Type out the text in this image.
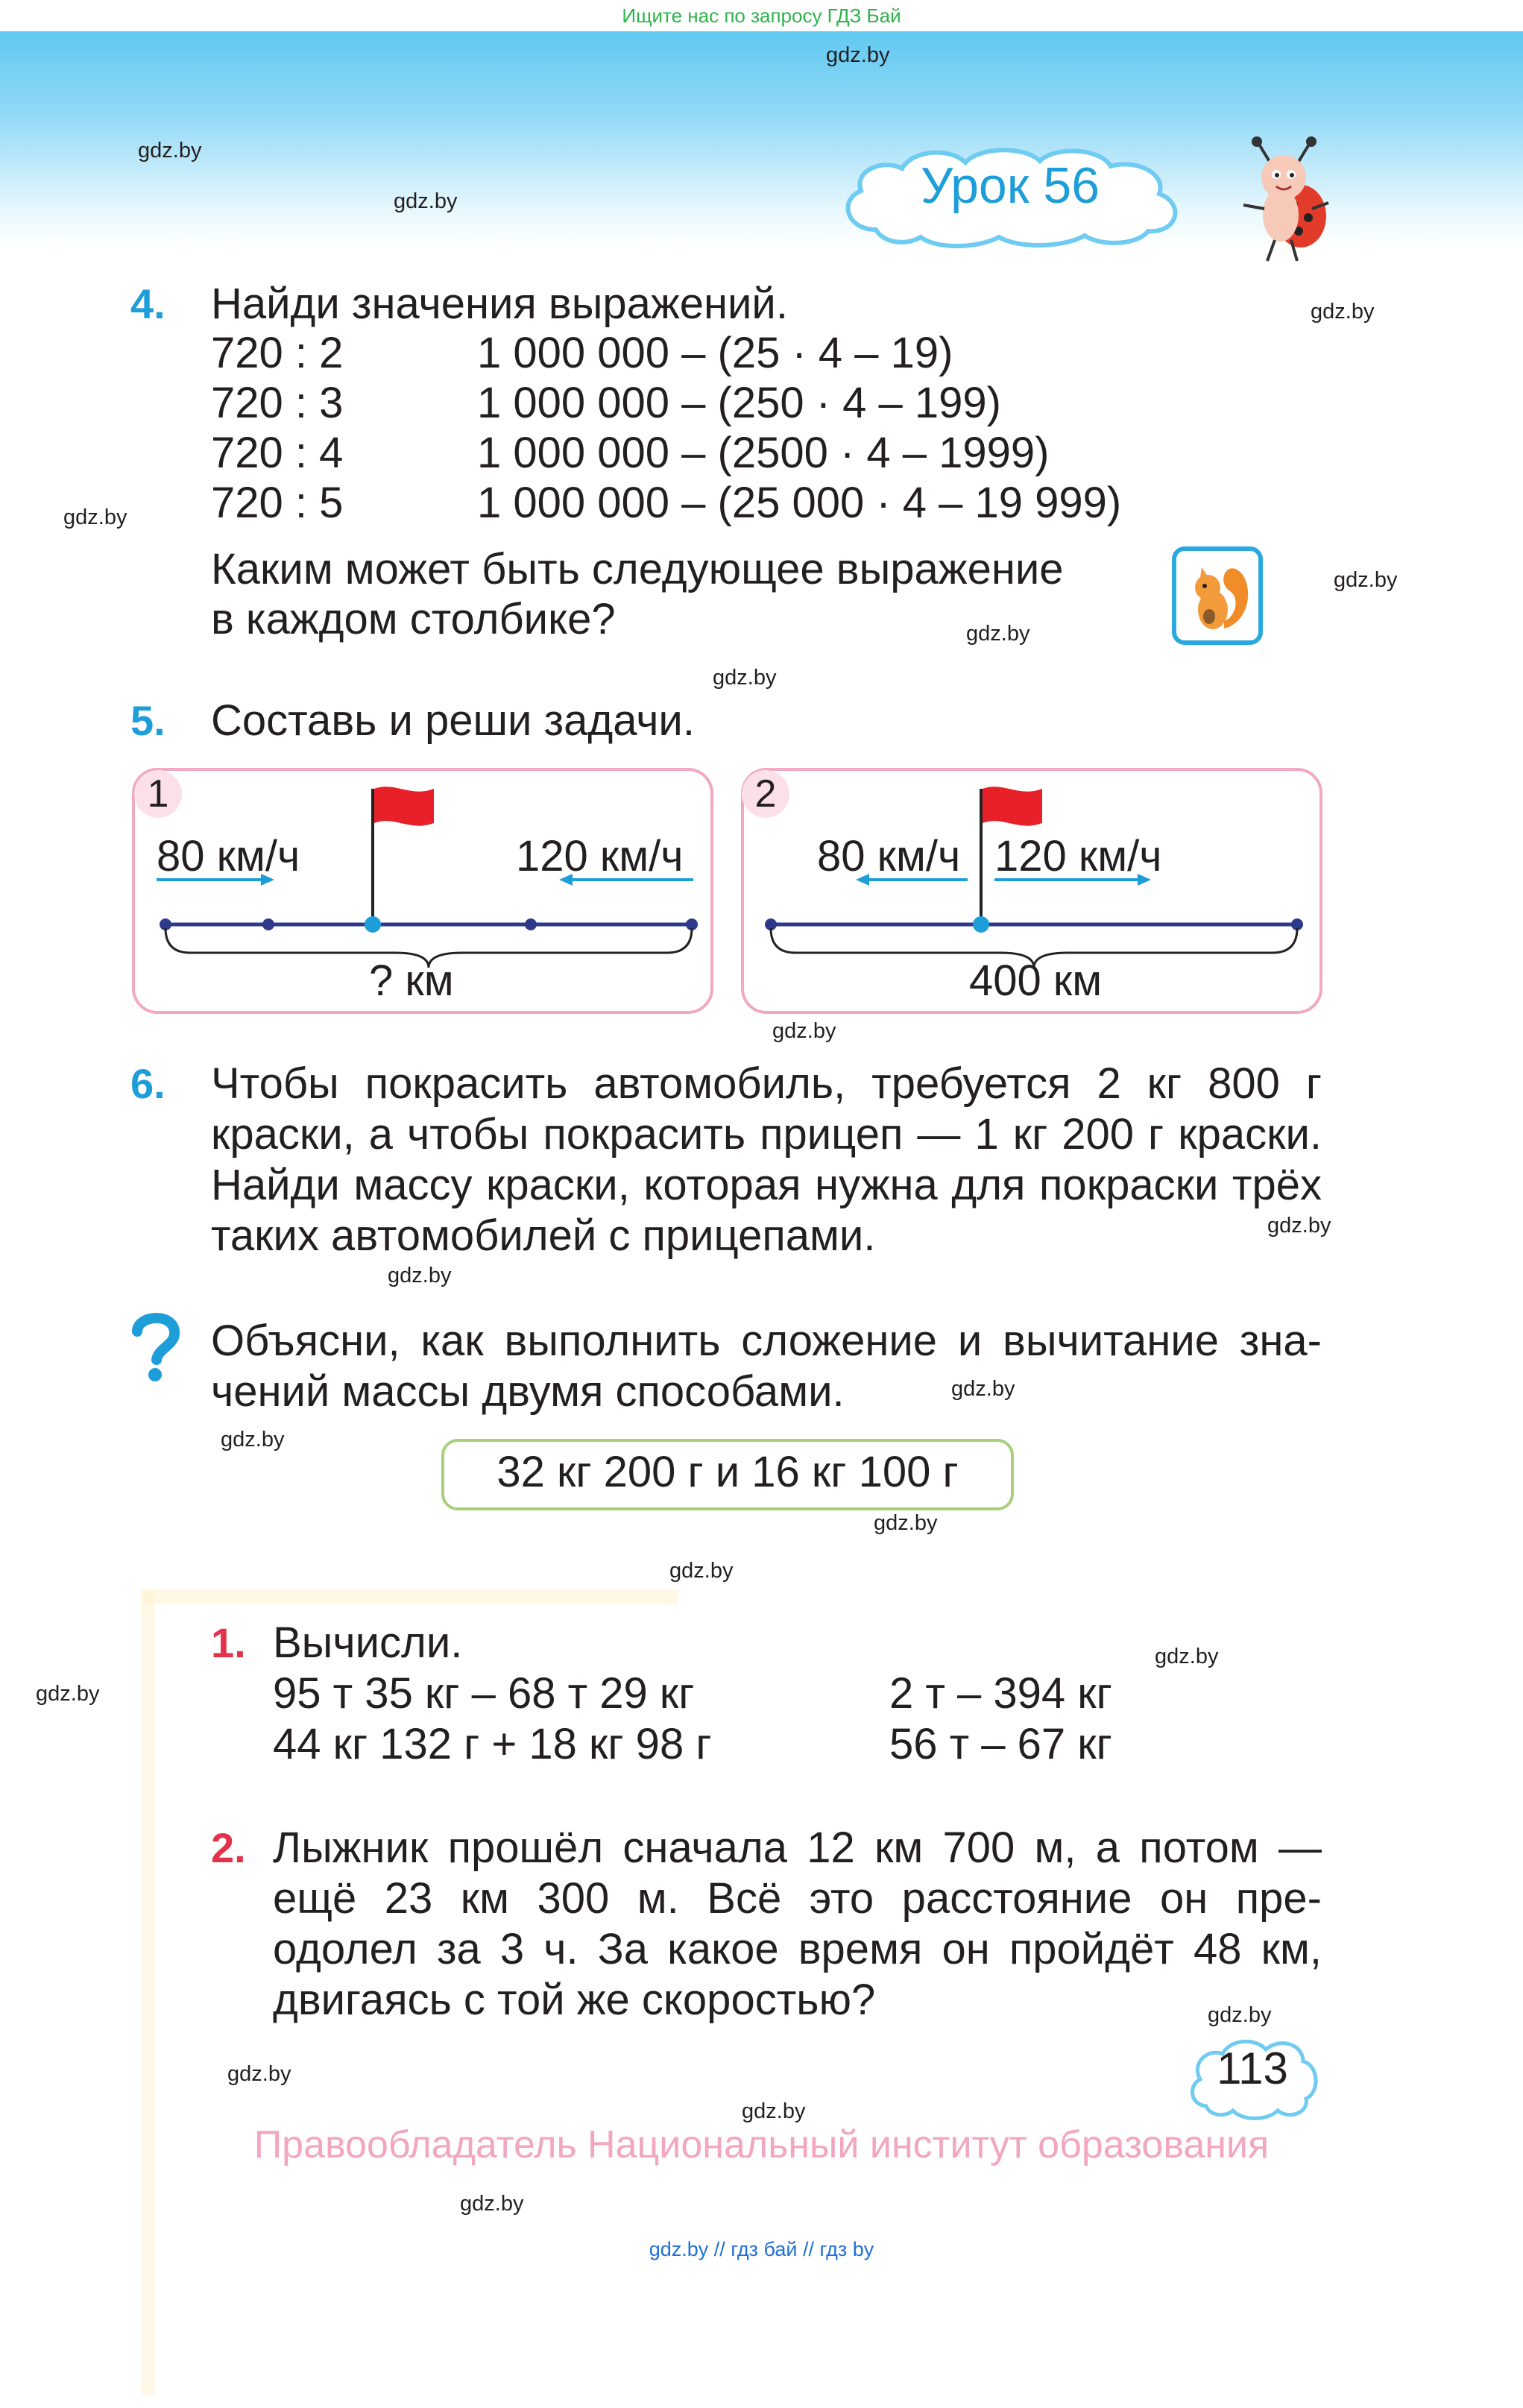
Ищите нас по запросу ГДЗ Бай
gdz.by
gdz.by
gdz.by
gdz.by
gdz.by
gdz.by
gdz.by
gdz.by
gdz.by
gdz.by
gdz.by
gdz.by
gdz.by
gdz.by
gdz.by
gdz.by
gdz.by
gdz.by
gdz.by
gdz.by
gdz.by
Урок 56
4. Найди значения выражений.
720 : 2
720 : 3
720 : 4
720 : 5
1 000 000 – (25 · 4 – 19)
1 000 000 – (250 · 4 – 199)
1 000 000 – (2500 · 4 – 1999)
1 000 000 – (25 000 · 4 – 19 999)
Каким может быть следующее выражение
в каждом столбике?
5. Составь и реши задачи.
1
80 км/ч	120 км/ч
? км
2
80 км/ч 120 км/ч
400 км
6. Чтобы покрасить автомобиль, требуется 2 кг 800 г
краски, а чтобы покрасить прицеп — 1 кг 200 г краски.
Найди массу краски, которая нужна для покраски трёх
таких автомобилей с прицепами.
Объясни, как выполнить сложение и вычитание зна-
чений массы двумя способами.
32 кг 200 г и 16 кг 100 г
1. Вычисли.
95 т 35 кг – 68 т 29 кг
44 кг 132 г + 18 кг 98 г
2 т – 394 кг
56 т – 67 кг
2. Лыжник прошёл сначала 12 км 700 м, а потом —
ещё 23 км 300 м. Всё это расстояние он пре-
одолел за 3 ч. За какое время он пройдёт 48 км,
двигаясь с той же скоростью?
113
Правообладатель Национальный институт образования
gdz.by // гдз бай // гдз by
